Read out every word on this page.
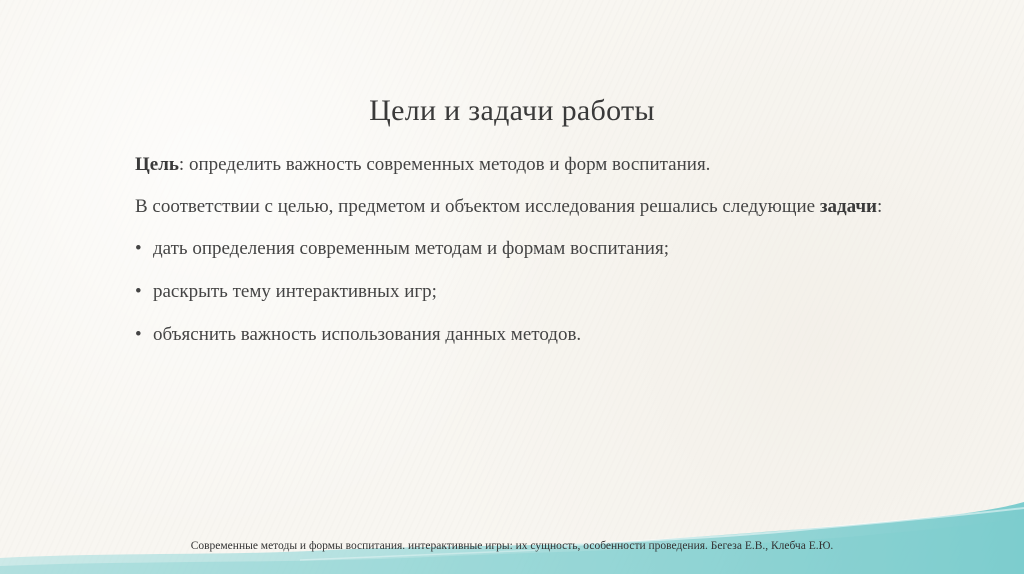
Цели и задачи работы

Цель: определить важность современных методов и форм воспитания.

В соответствии с целью, предметом и объектом исследования решались следующие задачи:

• дать определения современным методам и формам воспитания;
• раскрыть тему интерактивных игр;
• объяснить важность использования данных методов.
Современные методы и формы воспитания. интерактивные игры: их сущность, особенности проведения. Бегеза Е.В., Клебча Е.Ю.
